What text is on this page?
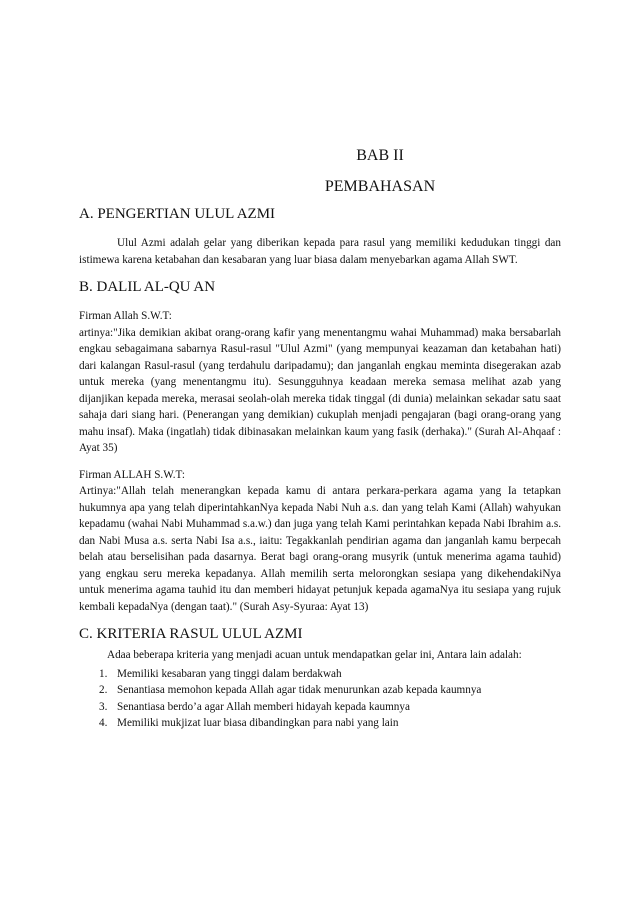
BAB II
PEMBAHASAN
A. PENGERTIAN ULUL AZMI
Ulul Azmi adalah gelar yang diberikan kepada para rasul yang memiliki kedudukan tinggi dan istimewa karena ketabahan dan kesabaran yang luar biasa dalam menyebarkan agama Allah SWT.
B. DALIL AL-QU AN
Firman Allah S.W.T:
artinya:"Jika demikian akibat orang-orang kafir yang menentangmu wahai Muhammad) maka bersabarlah engkau sebagaimana sabarnya Rasul-rasul "Ulul Azmi" (yang mempunyai keazaman dan ketabahan hati) dari kalangan Rasul-rasul (yang terdahulu daripadamu); dan janganlah engkau meminta disegerakan azab untuk mereka (yang menentangmu itu). Sesungguhnya keadaan mereka semasa melihat azab yang dijanjikan kepada mereka, merasai seolah-olah mereka tidak tinggal (di dunia) melainkan sekadar satu saat sahaja dari siang hari. (Penerangan yang demikian) cukuplah menjadi pengajaran (bagi orang-orang yang mahu insaf). Maka (ingatlah) tidak dibinasakan melainkan kaum yang fasik (derhaka)." (Surah Al-Ahqaaf : Ayat 35)
Firman ALLAH S.W.T:
Artinya:"Allah telah menerangkan kepada kamu di antara perkara-perkara agama yang Ia tetapkan hukumnya apa yang telah diperintahkanNya kepada Nabi Nuh a.s. dan yang telah Kami (Allah) wahyukan kepadamu (wahai Nabi Muhammad s.a.w.) dan juga yang telah Kami perintahkan kepada Nabi Ibrahim a.s. dan Nabi Musa a.s. serta Nabi Isa a.s., iaitu: Tegakkanlah pendirian agama dan janganlah kamu berpecah belah atau berselisihan pada dasarnya. Berat bagi orang-orang musyrik (untuk menerima agama tauhid) yang engkau seru mereka kepadanya. Allah memilih serta melorongkan sesiapa yang dikehendakiNya untuk menerima agama tauhid itu dan memberi hidayat petunjuk kepada agamaNya itu sesiapa yang rujuk kembali kepadaNya (dengan taat)." (Surah Asy-Syuraa: Ayat 13)
C. KRITERIA RASUL ULUL AZMI
Adaa beberapa kriteria yang menjadi acuan untuk mendapatkan gelar ini, Antara lain adalah:
1. Memiliki kesabaran yang tinggi dalam berdakwah
2. Senantiasa memohon kepada Allah agar tidak menurunkan azab kepada kaumnya
3. Senantiasa berdo’a agar Allah memberi hidayah kepada kaumnya
4. Memiliki mukjizat luar biasa dibandingkan para nabi yang lain
